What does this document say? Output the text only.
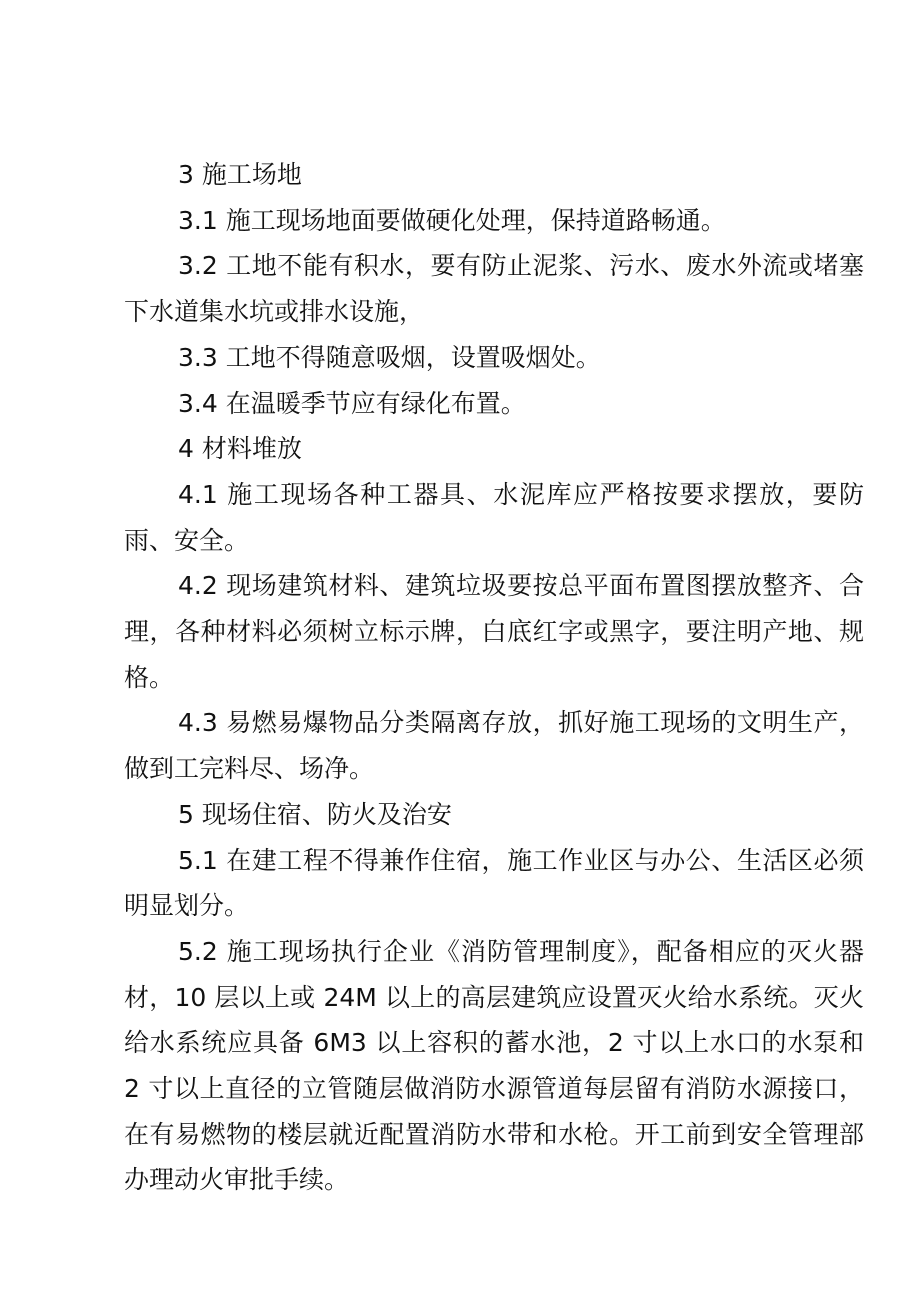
3 施工场地

3.1 施工现场地面要做硬化处理，保持道路畅通。

3.2 工地不能有积水，要有防止泥浆、污水、废水外流或堵塞下水道集水坑或排水设施，

3.3 工地不得随意吸烟，设置吸烟处。

3.4 在温暖季节应有绿化布置。

4 材料堆放

4.1 施工现场各种工器具、水泥库应严格按要求摆放，要防雨、安全。

4.2 现场建筑材料、建筑垃圾要按总平面布置图摆放整齐、合理，各种材料必须树立标示牌，白底红字或黑字，要注明产地、规格。

4.3 易燃易爆物品分类隔离存放，抓好施工现场的文明生产，做到工完料尽、场净。

5 现场住宿、防火及治安

5.1 在建工程不得兼作住宿，施工作业区与办公、生活区必须明显划分。

5.2 施工现场执行企业《消防管理制度》，配备相应的灭火器材，10 层以上或 24M 以上的高层建筑应设置灭火给水系统。灭火给水系统应具备 6M3 以上容积的蓄水池，2 寸以上水口的水泵和 2 寸以上直径的立管随层做消防水源管道每层留有消防水源接口，在有易燃物的楼层就近配置消防水带和水枪。开工前到安全管理部办理动火审批手续。
